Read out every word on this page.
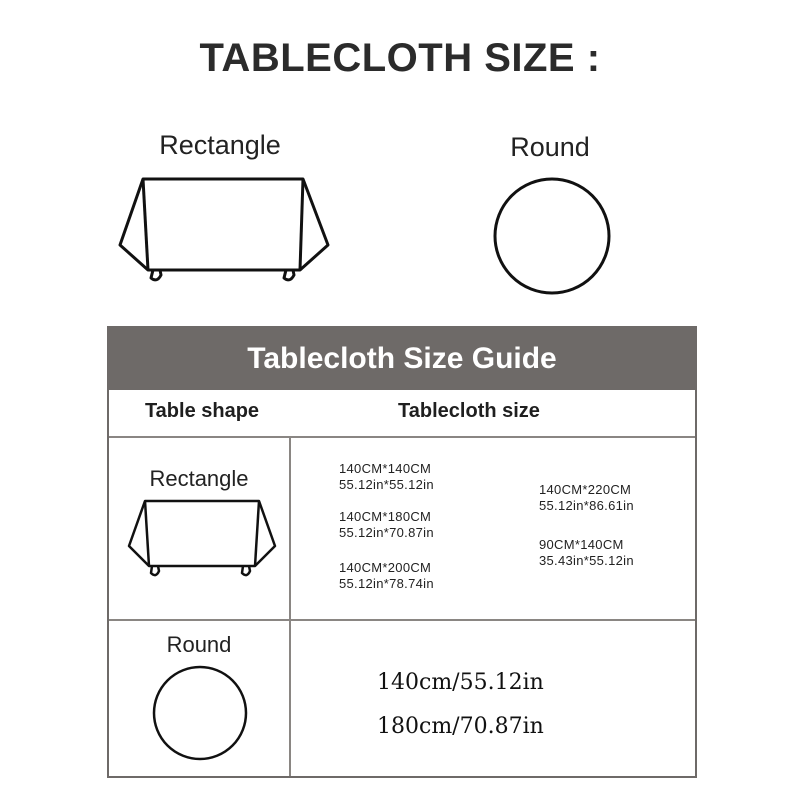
TABLECLOTH SIZE :
Rectangle	Round
Tablecloth Size Guide
Table shape	Tablecloth size
Rectangle	140CM*140CM
55.12in*55.12in
140CM*180CM
55.12in*70.87in
140CM*200CM
55.12in*78.74in
140CM*220CM
55.12in*86.61in
90CM*140CM
35.43in*55.12in
Round
140cm/55.12in
180cm/70.87in
